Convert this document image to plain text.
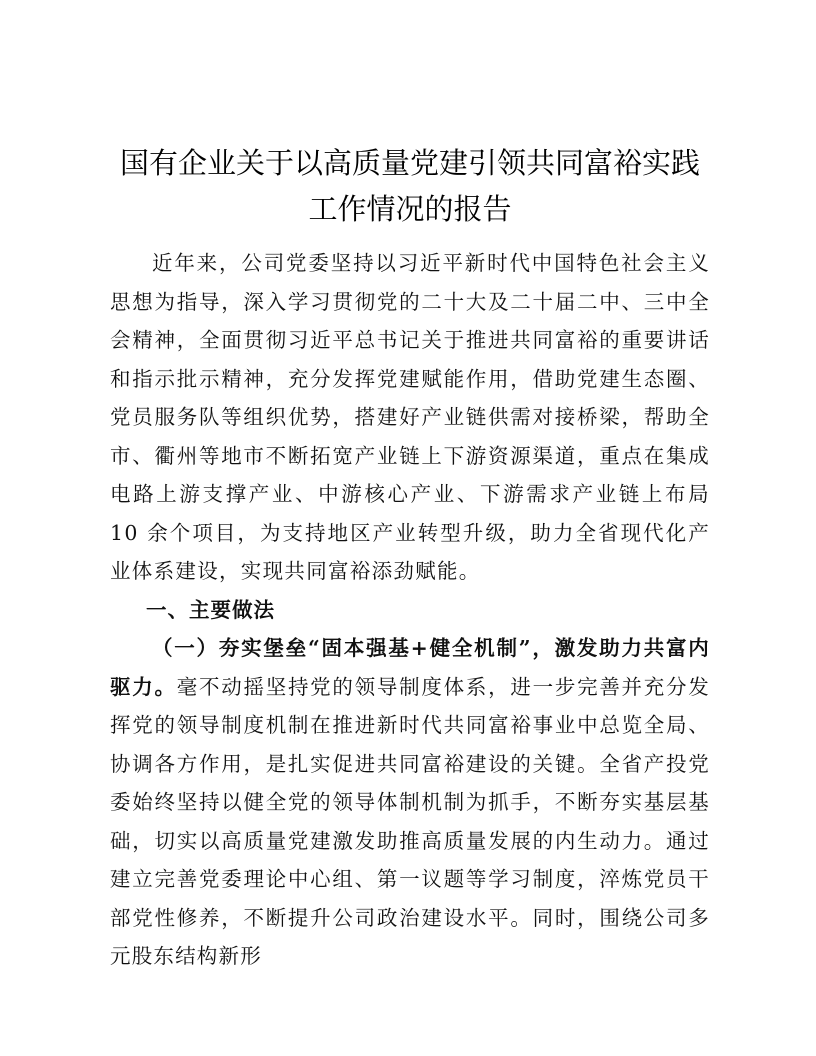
国有企业关于以高质量党建引领共同富裕实践
工作情况的报告

近年来，公司党委坚持以习近平新时代中国特色社会主义思想为指导，深入学习贯彻党的二十大及二十届二中、三中全会精神，全面贯彻习近平总书记关于推进共同富裕的重要讲话和指示批示精神，充分发挥党建赋能作用，借助党建生态圈、党员服务队等组织优势，搭建好产业链供需对接桥梁，帮助全市、衢州等地市不断拓宽产业链上下游资源渠道，重点在集成电路上游支撑产业、中游核心产业、下游需求产业链上布局 10 余个项目，为支持地区产业转型升级，助力全省现代化产业体系建设，实现共同富裕添劲赋能。

一、主要做法

（一）夯实堡垒“固本强基+健全机制”，激发助力共富内驱力。毫不动摇坚持党的领导制度体系，进一步完善并充分发挥党的领导制度机制在推进新时代共同富裕事业中总览全局、协调各方作用，是扎实促进共同富裕建设的关键。全省产投党委始终坚持以健全党的领导体制机制为抓手，不断夯实基层基础，切实以高质量党建激发助推高质量发展的内生动力。通过建立完善党委理论中心组、第一议题等学习制度，淬炼党员干部党性修养，不断提升公司政治建设水平。同时，围绕公司多元股东结构新形
